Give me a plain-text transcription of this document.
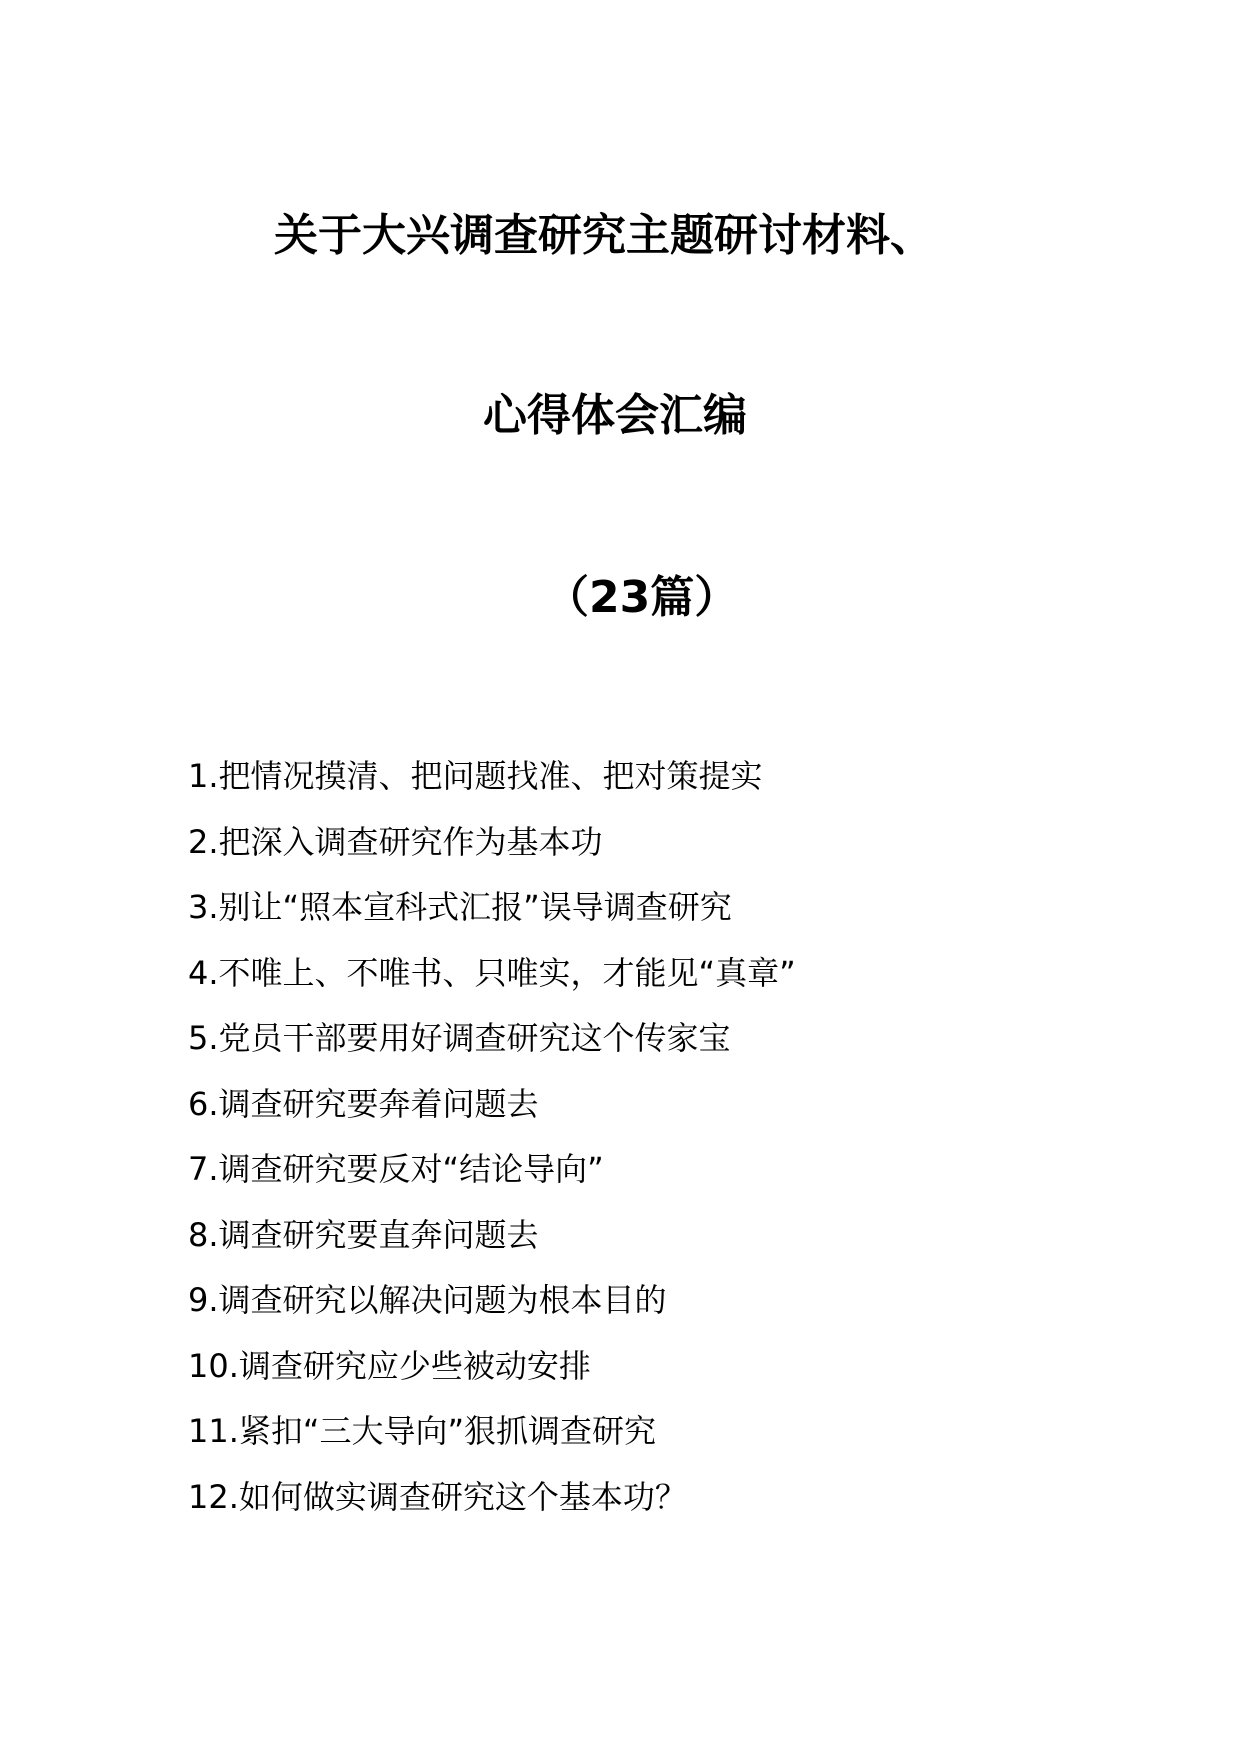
关于大兴调查研究主题研讨材料、
心得体会汇编
（23篇）
1.把情况摸清、把问题找准、把对策提实
2.把深入调查研究作为基本功
3.别让“照本宣科式汇报”误导调查研究
4.不唯上、不唯书、只唯实，才能见“真章”
5.党员干部要用好调查研究这个传家宝
6.调查研究要奔着问题去
7.调查研究要反对“结论导向”
8.调查研究要直奔问题去
9.调查研究以解决问题为根本目的
10.调查研究应少些被动安排
11.紧扣“三大导向”狠抓调查研究
12.如何做实调查研究这个基本功？
